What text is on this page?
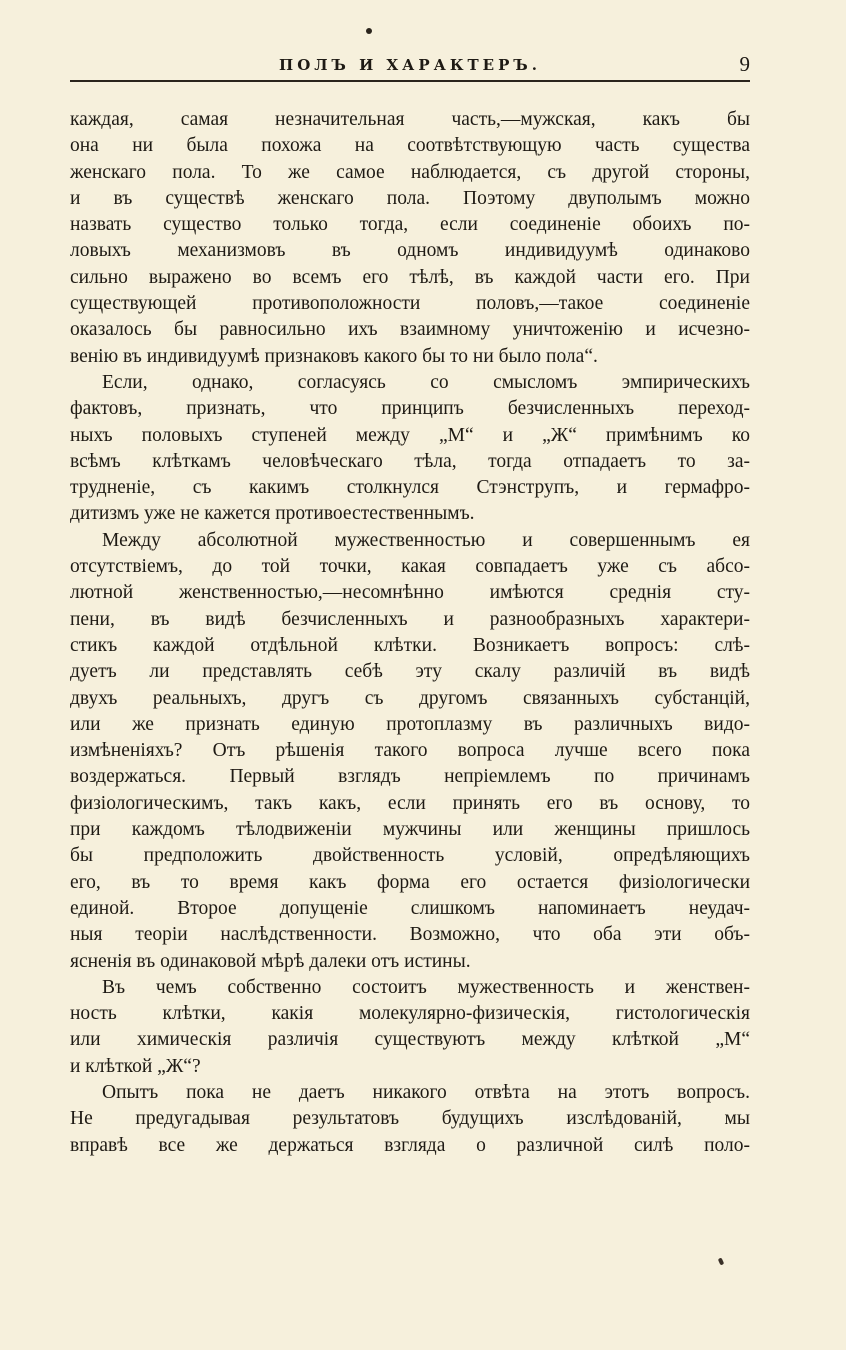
ПОЛЪ И ХАРАКТЕРЪ.	9
каждая, самая незначительная часть,—мужская, какъ бы
она ни была похожа на соотвѣтствующую часть существа
женскаго пола. То же самое наблюдается, съ другой стороны,
и въ существѣ женскаго пола. Поэтому двуполымъ можно
назвать существо только тогда, если соединенiе обоихъ по-
ловыхъ механизмовъ въ одномъ индивидуумѣ одинаково
сильно выражено во всемъ его тѣлѣ, въ каждой части его. При
существующей противоположности половъ,—такое соединенiе
оказалось бы равносильно ихъ взаимному уничтоженiю и исчезно-
венiю въ индивидуумѣ признаковъ какого бы то ни было пола“.
Если, однако, согласуясь со смысломъ эмпирическихъ
фактовъ, признать, что принципъ безчисленныхъ переход-
ныхъ половыхъ ступеней между „М“ и „Ж“ примѣнимъ ко
всѣмъ клѣткамъ человѣческаго тѣла, тогда отпадаетъ то за-
трудненiе, съ какимъ столкнулся Стэнструпъ, и гермафро-
дитизмъ уже не кажется противоестественнымъ.
Между абсолютной мужественностью и совершеннымъ ея
отсутствiемъ, до той точки, какая совпадаетъ уже съ абсо-
лютной женственностью,—несомнѣнно имѣются среднiя сту-
пени, въ видѣ безчисленныхъ и разнообразныхъ характери-
стикъ каждой отдѣльной клѣтки. Возникаетъ вопросъ: слѣ-
дуетъ ли представлять себѣ эту скалу различiй въ видѣ
двухъ реальныхъ, другъ съ другомъ связанныхъ субстанцiй,
или же признать единую протоплазму въ различныхъ видо-
измѣненiяхъ? Отъ рѣшенiя такого вопроса лучше всего пока
воздержаться. Первый взглядъ непрiемлемъ по причинамъ
физiологическимъ, такъ какъ, если принять его въ основу, то
при каждомъ тѣлодвиженiи мужчины или женщины пришлось
бы предположить двойственность условiй, опредѣляющихъ
его, въ то время какъ форма его остается физiологически
единой. Второе допущенiе слишкомъ напоминаетъ неудач-
ныя теорiи наслѣдственности. Возможно, что оба эти объ-
ясненiя въ одинаковой мѣрѣ далеки отъ истины.
Въ чемъ собственно состоитъ мужественность и женствен-
ность клѣтки, какiя молекулярно-физическiя, гистологическiя
или химическiя различiя существуютъ между клѣткой „М“
и клѣткой „Ж“?
Опытъ пока не даетъ никакого отвѣта на этотъ вопросъ.
Не предугадывая результатовъ будущихъ изслѣдованiй, мы
вправѣ все же держаться взгляда о различной силѣ поло-
